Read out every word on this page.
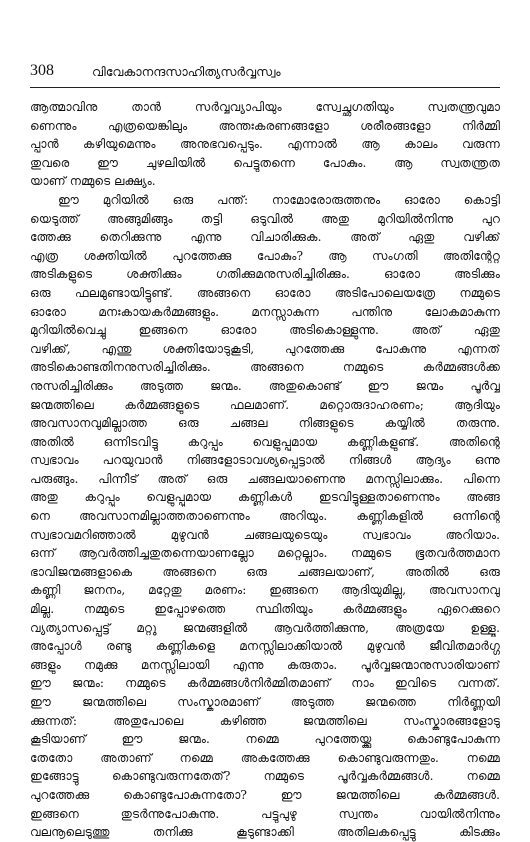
308	വിവേകാനന്ദസാഹിത്യസർവ്വസ്വം
ആത്മാവിനു താൻ സർവ്വവ്യാപിയും സ്വേച്ഛഗതിയും സ്വതന്ത്രവുമാ
ണെന്നും എത്രയെങ്കിലും അന്തഃകരണങ്ങളോ ശരീരങ്ങളോ നിർമ്മി
പ്പാൻ കഴിയുമെന്നും അനുഭവപ്പെടും. എന്നാൽ ആ കാലം വരുന്ന
തുവരെ ഈ ചുഴലിയിൽ പെട്ടുതന്നെ പോകും. ആ സ്വതന്ത്രത
യാണ് നമ്മുടെ ലക്ഷ്യം.
ഈ മുറിയിൽ ഒരു പന്ത്: നാമോരോരുത്തനും ഓരോ കൊട്ടി
യെടുത്ത് അങ്ങുമിങ്ങും തട്ടി ഒടുവിൽ അതു മുറിയിൽനിന്നു പുറ
ത്തേക്കു തെറിക്കുന്നു എന്നു വിചാരിക്കുക. അത് ഏതു വഴിക്ക്
എത്ര ശക്തിയിൽ പുറത്തേക്കു പോകും? ആ സംഗതി അതിന്റേറ്റ
അടികളുടെ ശക്തിക്കും ഗതിക്കുമനുസരിച്ചിരിക്കും. ഓരോ അടിക്കും
ഒരു ഫലമുണ്ടായിട്ടുണ്ട്. അങ്ങനെ ഓരോ അടിപോലെയത്രേ നമ്മുടെ
ഓരോ മനഃകായകർമ്മങ്ങളും. മനസ്സാകുന്ന പന്തിനു ലോകമാകുന്ന
മുറിയിൽവെച്ചു ഇങ്ങനെ ഓരോ അടികൊള്ളുന്നു. അത് ഏതു
വഴിക്ക്, എന്തു ശക്തിയോടുകൂടി, പുറത്തേക്കു പോകുന്നു എന്നത്
അടികൊണ്ടതിനനുസരിച്ചിരിക്കും. അങ്ങനെ നമ്മുടെ കർമ്മങ്ങൾക്ക
നുസരിച്ചിരിക്കും അടുത്ത ജന്മം. അതുകൊണ്ട് ഈ ജന്മം പൂർവ്വ
ജന്മത്തിലെ കർമ്മങ്ങളുടെ ഫലമാണ്. മറ്റൊരുദാഹരണം; ആദിയും
അവസാനവുമില്ലാത്ത ഒരു ചങ്ങല നിങ്ങളുടെ കയ്യിൽ തരുന്നു.
അതിൽ ഒന്നിടവിട്ടു കറുപ്പും വെളുപ്പുമായ കണ്ണികളുണ്ട്. അതിന്റെ
സ്വഭാവം പറയുവാൻ നിങ്ങളോടാവശ്യപ്പെട്ടാൽ നിങ്ങൾ ആദ്യം ഒന്നു
പരുങ്ങും. പിന്നീട് അത് ഒരു ചങ്ങലയാണെന്നു മനസ്സിലാക്കും. പിന്നെ
അതു കറുപ്പും വെളുപ്പുമായ കണ്ണികൾ ഇടവിട്ടുള്ളതാണെന്നും അങ്ങ
നെ അവസാനമില്ലാത്തതാണെന്നും അറിയും. കണ്ണികളിൽ ഒന്നിന്റെ
സ്വഭാവമറിഞ്ഞാൽ മുഴുവൻ ചങ്ങലയുടെയും സ്വഭാവം അറിയാം.
ഒന്ന് ആവർത്തിച്ചതുതന്നെയാണല്ലോ മറ്റെല്ലാം. നമ്മുടെ ഭൂതവർത്തമാന
ഭാവിജന്മങ്ങളാകെ അങ്ങനെ ഒരു ചങ്ങലയാണ്, അതിൽ ഒരു
കണ്ണി ജനനം, മറ്റേതു മരണം: ഇങ്ങനെ ആദിയുമില്ല, അവസാനവു
മില്ല. നമ്മുടെ ഇപ്പോഴത്തെ സ്ഥിതിയും കർമ്മങ്ങളും ഏറെക്കുറെ
വ്യത്യാസപ്പെട്ട് മറ്റു ജന്മങ്ങളിൽ ആവർത്തിക്കുന്നു, അത്രയേ ഉള്ളൂ.
അപ്പോൾ രണ്ടു കണ്ണികളെ മനസ്സിലാക്കിയാൽ മുഴുവൻ ജീവിതമാർഗ്ഗ
ങ്ങളും നമുക്കു മനസ്സിലായി എന്നു കരുതാം. പൂർവ്വജന്മാനുസാരിയാണ്
ഈ ജന്മം: നമ്മുടെ കർമ്മങ്ങൾനിർമ്മിതമാണ് നാം ഇവിടെ വന്നത്.
ഈ ജന്മത്തിലെ സംസ്കാരമാണ് അടുത്ത ജന്മത്തെ നിർണ്ണയി
ക്കുന്നത്: അതുപോലെ കഴിഞ്ഞ ജന്മത്തിലെ സംസ്കാരങ്ങളോടു
കൂടിയാണ് ഈ ജന്മം. നമ്മെ പുറത്തേയ്ക്കു കൊണ്ടുപോകുന്ന
തേതോ അതാണ് നമ്മെ അകത്തേക്കു കൊണ്ടുവരുന്നതും. നമ്മെ
ഇങ്ങോട്ടു കൊണ്ടുവരുന്നതേത്? നമ്മുടെ പൂർവ്വകർമ്മങ്ങൾ. നമ്മെ
പുറത്തേക്കു കൊണ്ടുപോകുന്നതോ? ഈ ജന്മത്തിലെ കർമ്മങ്ങൾ.
ഇങ്ങനെ തുടർന്നുപോകുന്നു. പട്ടുപുഴു സ്വന്തം വായിൽനിന്നും
വലനൂലെടുത്തു തനിക്കു കൂടുണ്ടാക്കി അതിലകപ്പെട്ടു കിടക്കും
